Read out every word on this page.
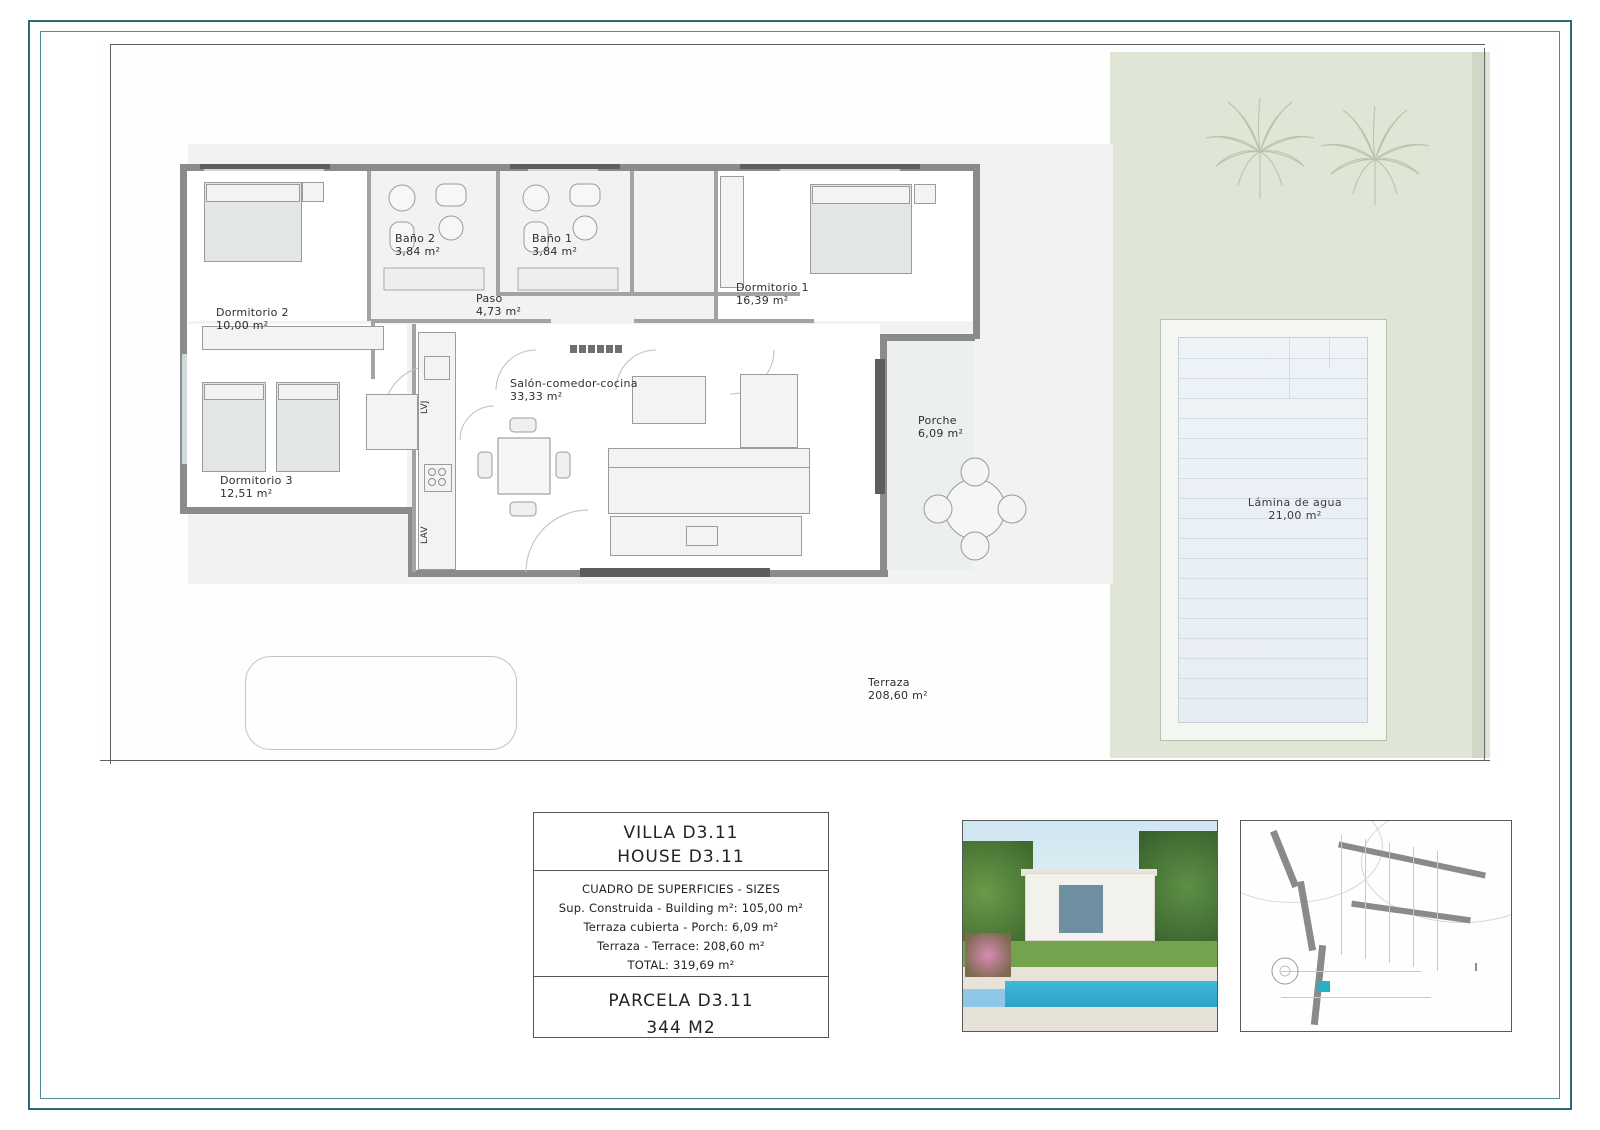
Lámina de agua
21,00 m²
Terraza
208,60 m²
LVJ
LAV
Dormitorio 2
10,00 m²
Dormitorio 3
12,51 m²
Dormitorio 1
16,39 m²
Baño 2
3,84 m²
Baño 1
3,84 m²
Paso
4,73 m²
Salón-comedor-cocina
33,33 m²
Porche
6,09 m²
VILLA D3.11
HOUSE D3.11
CUADRO DE SUPERFICIES - SIZES
Sup. Construida - Building m²: 105,00 m²
Terraza cubierta - Porch: 6,09 m²
Terraza - Terrace: 208,60 m²
TOTAL: 319,69 m²
PARCELA D3.11
344 M2
I
